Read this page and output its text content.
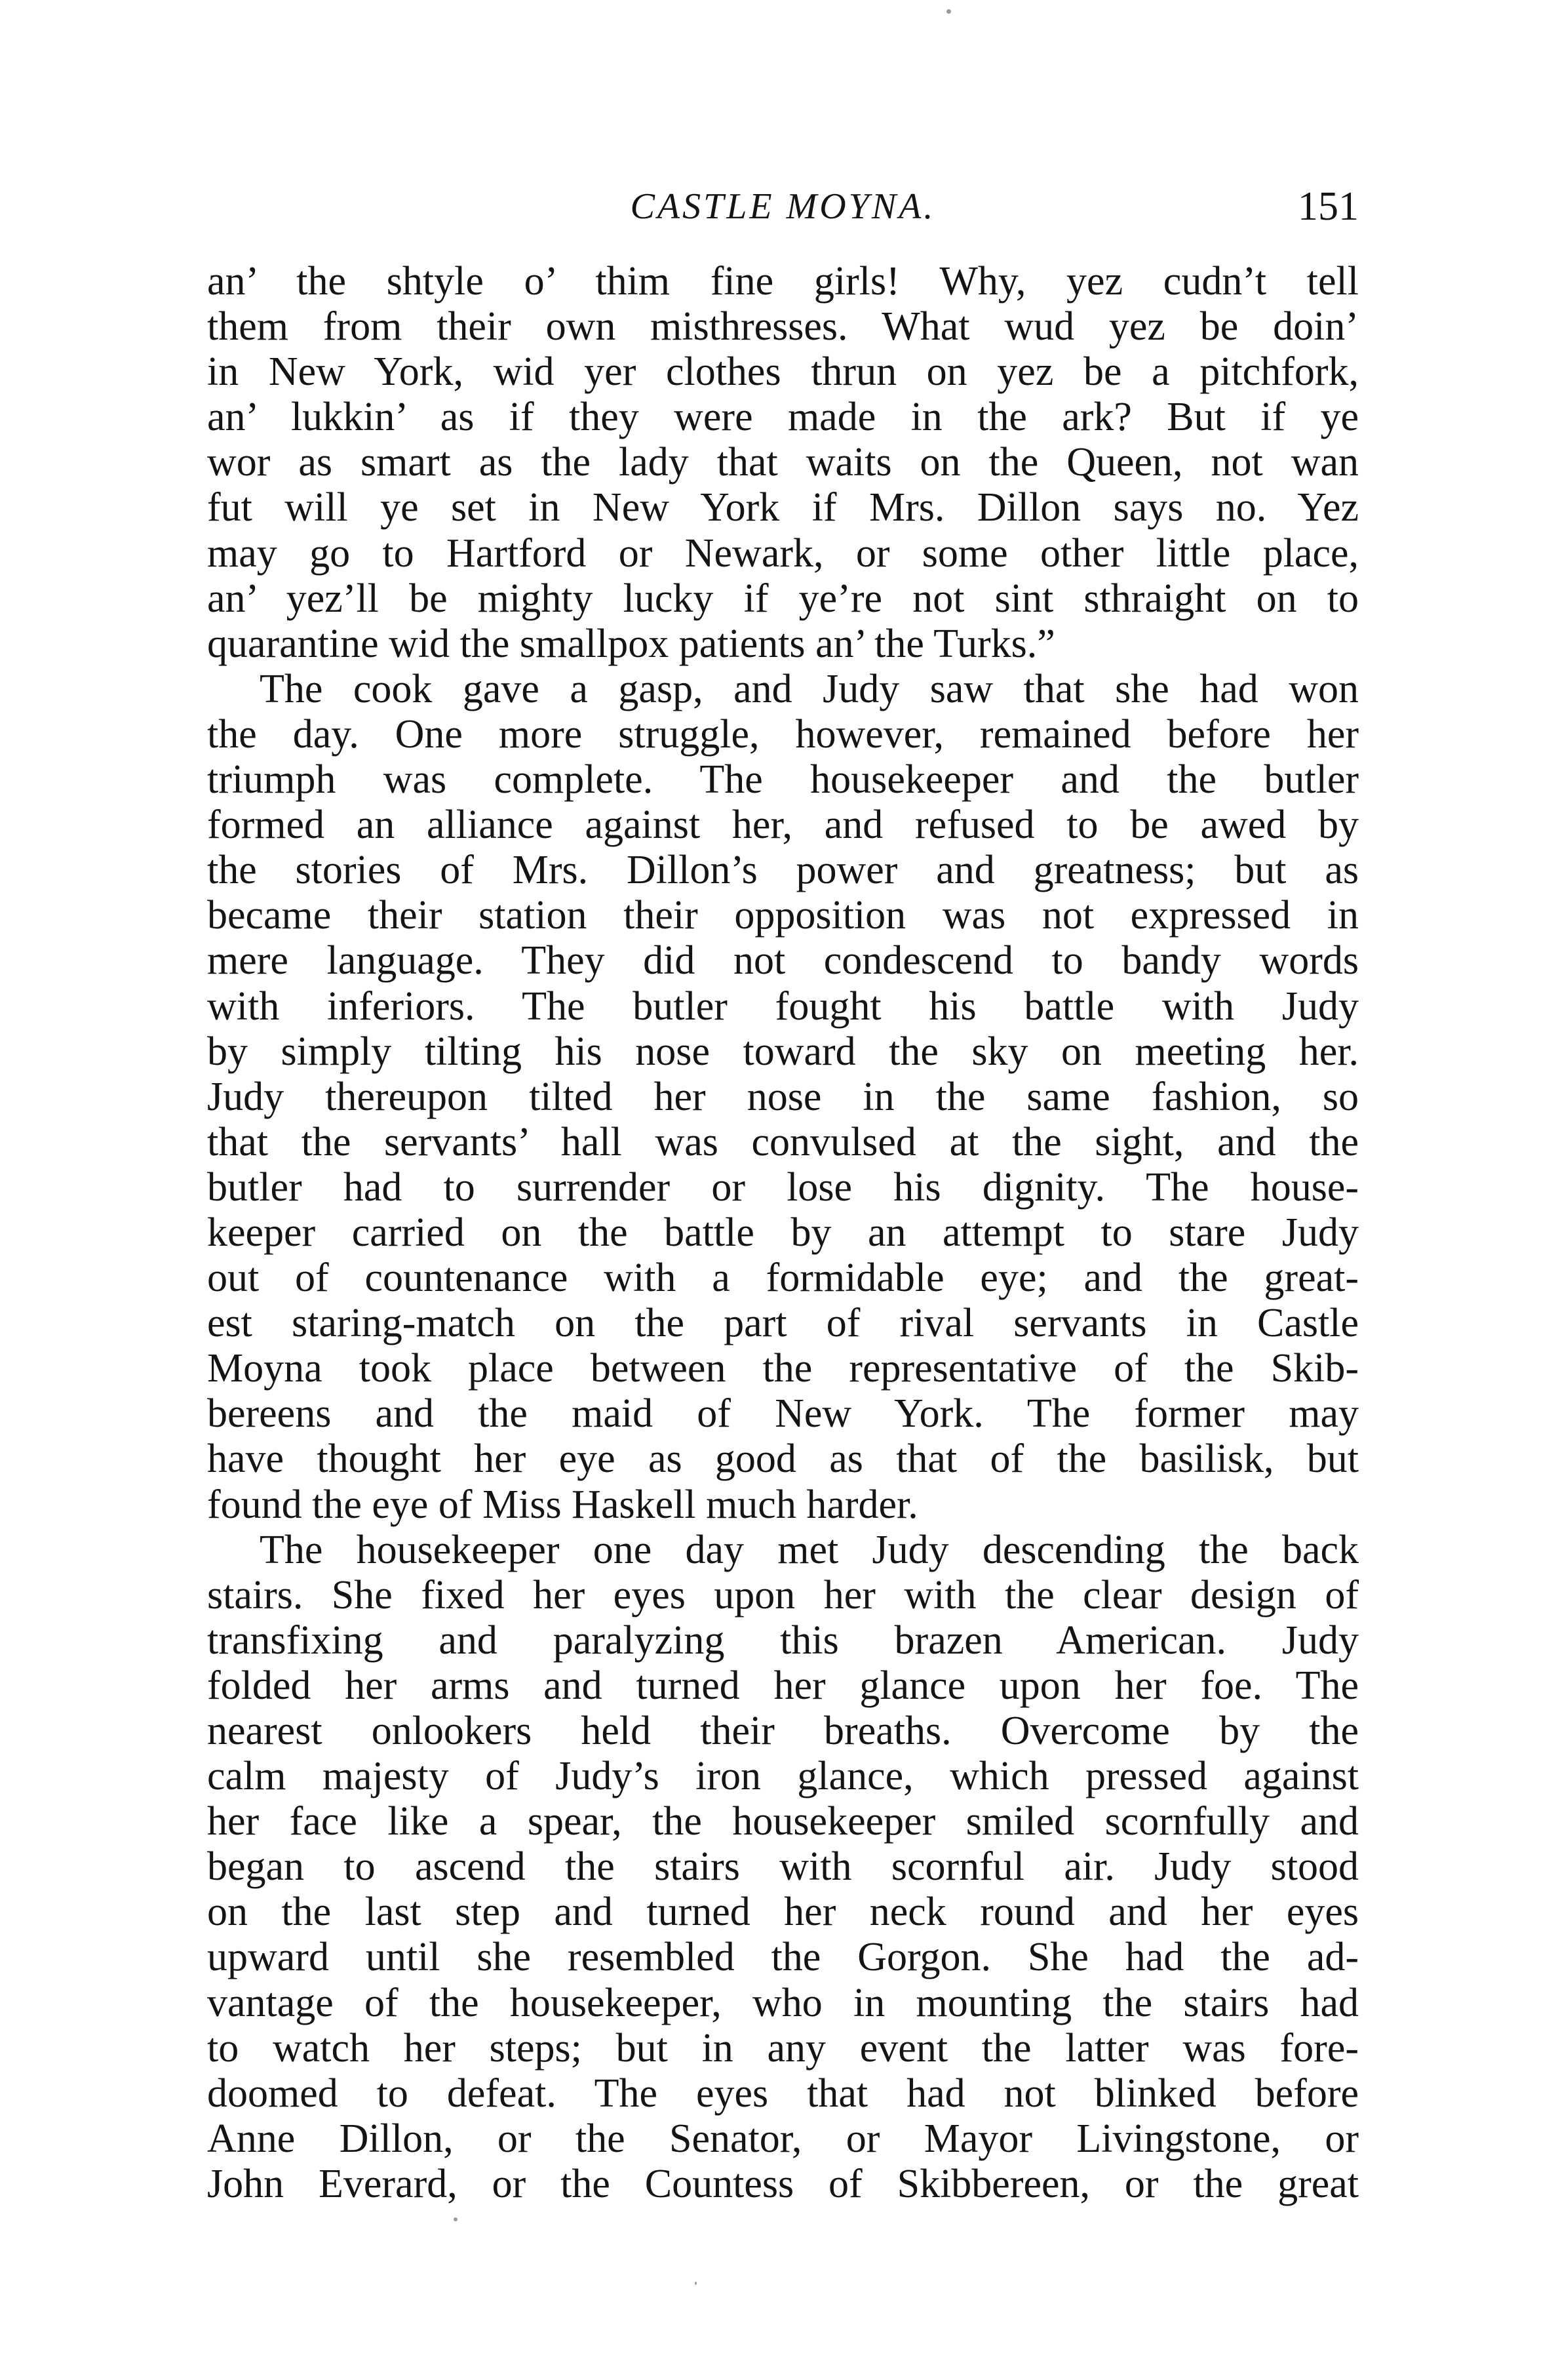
CASTLE MOYNA.	151
an’ the shtyle o’ thim fine girls! Why, yez cudn’t tell
them from their own misthresses. What wud yez be doin’
in New York, wid yer clothes thrun on yez be a pitchfork,
an’ lukkin’ as if they were made in the ark? But if ye
wor as smart as the lady that waits on the Queen, not wan
fut will ye set in New York if Mrs. Dillon says no. Yez
may go to Hartford or Newark, or some other little place,
an’ yez’ll be mighty lucky if ye’re not sint sthraight on to
quarantine wid the smallpox patients an’ the Turks.”
The cook gave a gasp, and Judy saw that she had won
the day. One more struggle, however, remained before her
triumph was complete. The housekeeper and the butler
formed an alliance against her, and refused to be awed by
the stories of Mrs. Dillon’s power and greatness; but as
became their station their opposition was not expressed in
mere language. They did not condescend to bandy words
with inferiors. The butler fought his battle with Judy
by simply tilting his nose toward the sky on meeting her.
Judy thereupon tilted her nose in the same fashion, so
that the servants’ hall was convulsed at the sight, and the
butler had to surrender or lose his dignity. The house-
keeper carried on the battle by an attempt to stare Judy
out of countenance with a formidable eye; and the great-
est staring-match on the part of rival servants in Castle
Moyna took place between the representative of the Skib-
bereens and the maid of New York. The former may
have thought her eye as good as that of the basilisk, but
found the eye of Miss Haskell much harder.
The housekeeper one day met Judy descending the back
stairs. She fixed her eyes upon her with the clear design of
transfixing and paralyzing this brazen American. Judy
folded her arms and turned her glance upon her foe. The
nearest onlookers held their breaths. Overcome by the
calm majesty of Judy’s iron glance, which pressed against
her face like a spear, the housekeeper smiled scornfully and
began to ascend the stairs with scornful air. Judy stood
on the last step and turned her neck round and her eyes
upward until she resembled the Gorgon. She had the ad-
vantage of the housekeeper, who in mounting the stairs had
to watch her steps; but in any event the latter was fore-
doomed to defeat. The eyes that had not blinked before
Anne Dillon, or the Senator, or Mayor Livingstone, or
John Everard, or the Countess of Skibbereen, or the great
